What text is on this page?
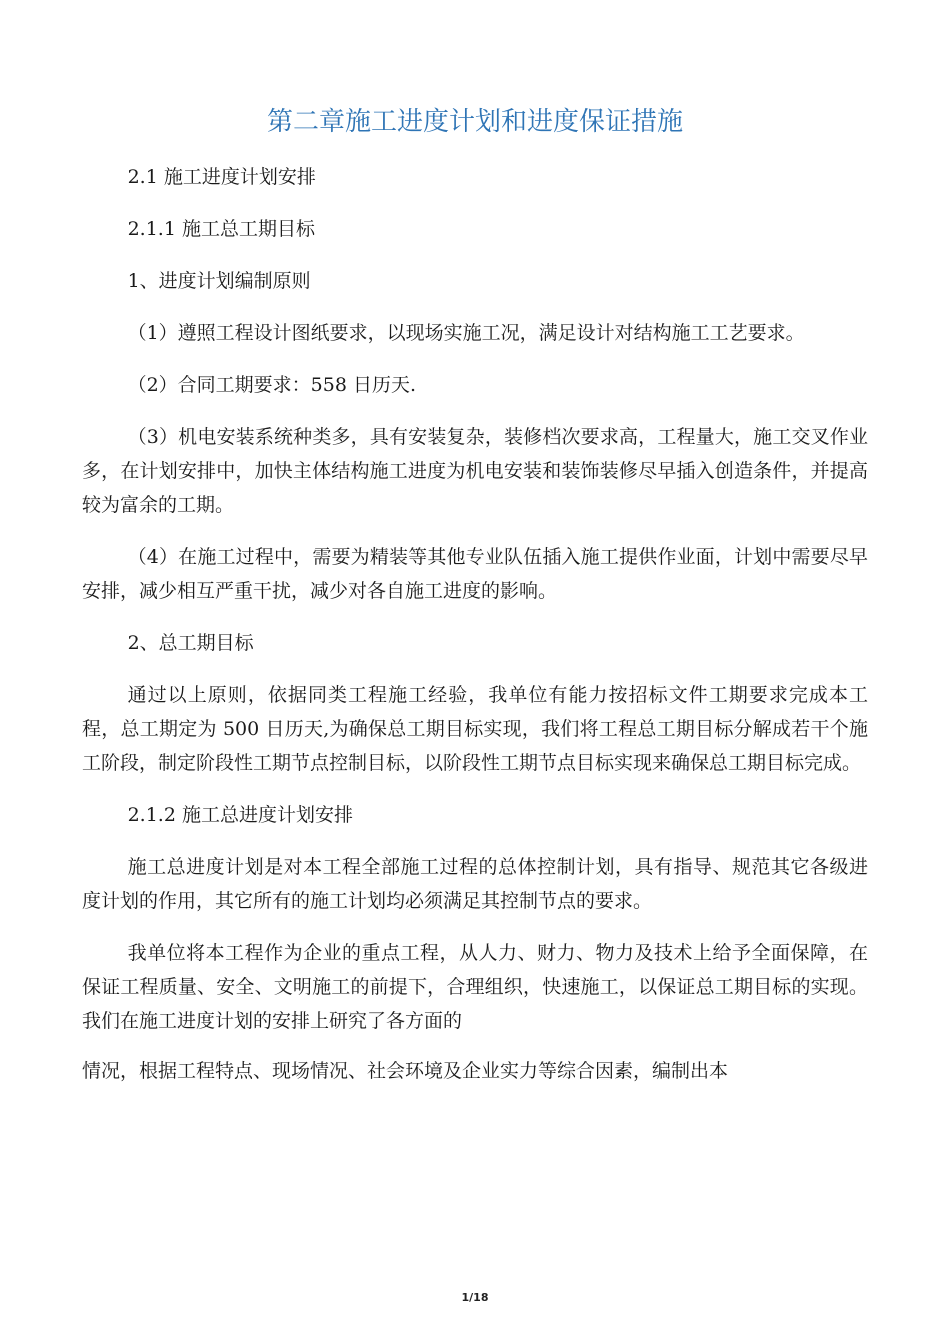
第二章施工进度计划和进度保证措施

2.1 施工进度计划安排

2.1.1 施工总工期目标

1、进度计划编制原则

（1）遵照工程设计图纸要求，以现场实施工况，满足设计对结构施工工艺要求。

（2）合同工期要求：558 日历天.

（3）机电安装系统种类多，具有安装复杂，装修档次要求高，工程量大，施工交叉作业多，在计划安排中，加快主体结构施工进度为机电安装和装饰装修尽早插入创造条件，并提高较为富余的工期。

（4）在施工过程中，需要为精装等其他专业队伍插入施工提供作业面，计划中需要尽早安排，减少相互严重干扰，减少对各自施工进度的影响。

2、总工期目标

通过以上原则，依据同类工程施工经验，我单位有能力按招标文件工期要求完成本工程，总工期定为 500 日历天,为确保总工期目标实现，我们将工程总工期目标分解成若干个施工阶段，制定阶段性工期节点控制目标，以阶段性工期节点目标实现来确保总工期目标完成。

2.1.2 施工总进度计划安排

施工总进度计划是对本工程全部施工过程的总体控制计划，具有指导、规范其它各级进度计划的作用，其它所有的施工计划均必须满足其控制节点的要求。

我单位将本工程作为企业的重点工程，从人力、财力、物力及技术上给予全面保障，在保证工程质量、安全、文明施工的前提下，合理组织，快速施工，以保证总工期目标的实现。我们在施工进度计划的安排上研究了各方面的

情况，根据工程特点、现场情况、社会环境及企业实力等综合因素，编制出本

1/18
